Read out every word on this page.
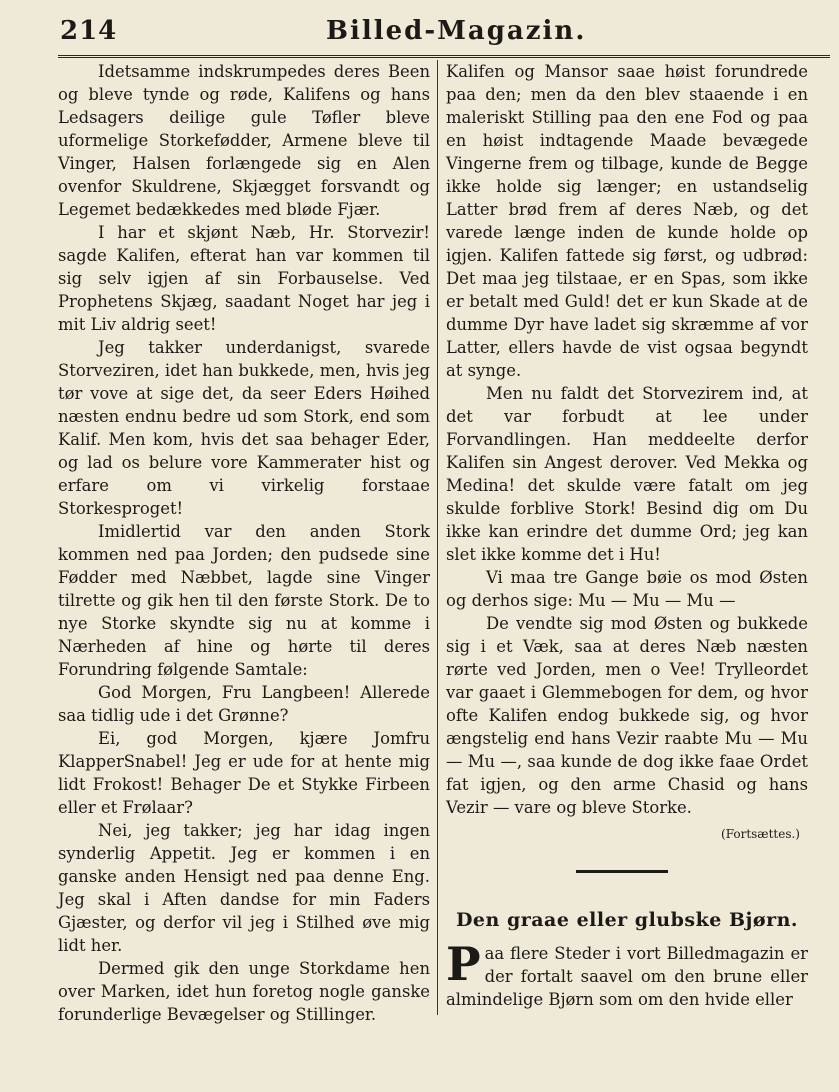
214	Billed-Magazin.

Idetsamme indskrumpedes deres Been og bleve tynde og røde, Kalifens og hans Ledsagers deilige gule Tøfler bleve uformelige Storkefødder, Armene bleve til Vinger, Halsen forlængede sig en Alen ovenfor Skuldrene, Skjægget forsvandt og Legemet bedækkedes med bløde Fjær.

I har et skjønt Næb, Hr. Storvezir! sagde Kalifen, efterat han var kommen til sig selv igjen af sin Forbauselse. Ved Prophetens Skjæg, saadant Noget har jeg i mit Liv aldrig seet!

Jeg takker underdanigst, svarede Storveziren, idet han bukkede, men, hvis jeg tør vove at sige det, da seer Eders Høihed næsten endnu bedre ud som Stork, end som Kalif. Men kom, hvis det saa behager Eder, og lad os belure vore Kammerater hist og erfare om vi virkelig forstaae Storkesproget!

Imidlertid var den anden Stork kommen ned paa Jorden; den pudsede sine Fødder med Næbbet, lagde sine Vinger tilrette og gik hen til den første Stork. De to nye Storke skyndte sig nu at komme i Nærheden af hine og hørte til deres Forundring følgende Samtale:

God Morgen, Fru Langbeen! Allerede saa tidlig ude i det Grønne?

Ei, god Morgen, kjære Jomfru KlapperSnabel! Jeg er ude for at hente mig lidt Frokost! Behager De et Stykke Firbeen eller et Frølaar?

Nei, jeg takker; jeg har idag ingen synderlig Appetit. Jeg er kommen i en ganske anden Hensigt ned paa denne Eng. Jeg skal i Aften dandse for min Faders Gjæster, og derfor vil jeg i Stilhed øve mig lidt her.

Dermed gik den unge Storkdame hen over Marken, idet hun foretog nogle ganske forunderlige Bevægelser og Stillinger.

Kalifen og Mansor saae høist forundrede paa den; men da den blev staaende i en maleriskt Stilling paa den ene Fod og paa en høist indtagende Maade bevægede Vingerne frem og tilbage, kunde de Begge ikke holde sig længer; en ustandselig Latter brød frem af deres Næb, og det varede længe inden de kunde holde op igjen. Kalifen fattede sig først, og udbrød: Det maa jeg tilstaae, er en Spas, som ikke er betalt med Guld! det er kun Skade at de dumme Dyr have ladet sig skræmme af vor Latter, ellers havde de vist ogsaa begyndt at synge.

Men nu faldt det Storvezirem ind, at det var forbudt at lee under Forvandlingen. Han meddeelte derfor Kalifen sin Angest derover. Ved Mekka og Medina! det skulde være fatalt om jeg skulde forblive Stork! Besind dig om Du ikke kan erindre det dumme Ord; jeg kan slet ikke komme det i Hu!

Vi maa tre Gange bøie os mod Østen og derhos sige: Mu — Mu — Mu —

De vendte sig mod Østen og bukkede sig i et Væk, saa at deres Næb næsten rørte ved Jorden, men o Vee! Trylleordet var gaaet i Glemmebogen for dem, og hvor ofte Kalifen endog bukkede sig, og hvor ængstelig end hans Vezir raabte Mu — Mu — Mu —, saa kunde de dog ikke faae Ordet fat igjen, og den arme Chasid og hans Vezir — vare og bleve Storke.

(Fortsættes.)
Den graae eller glubske Bjørn.

Paa flere Steder i vort Billedmagazin er der fortalt saavel om den brune eller almindelige Bjørn som om den hvide eller
